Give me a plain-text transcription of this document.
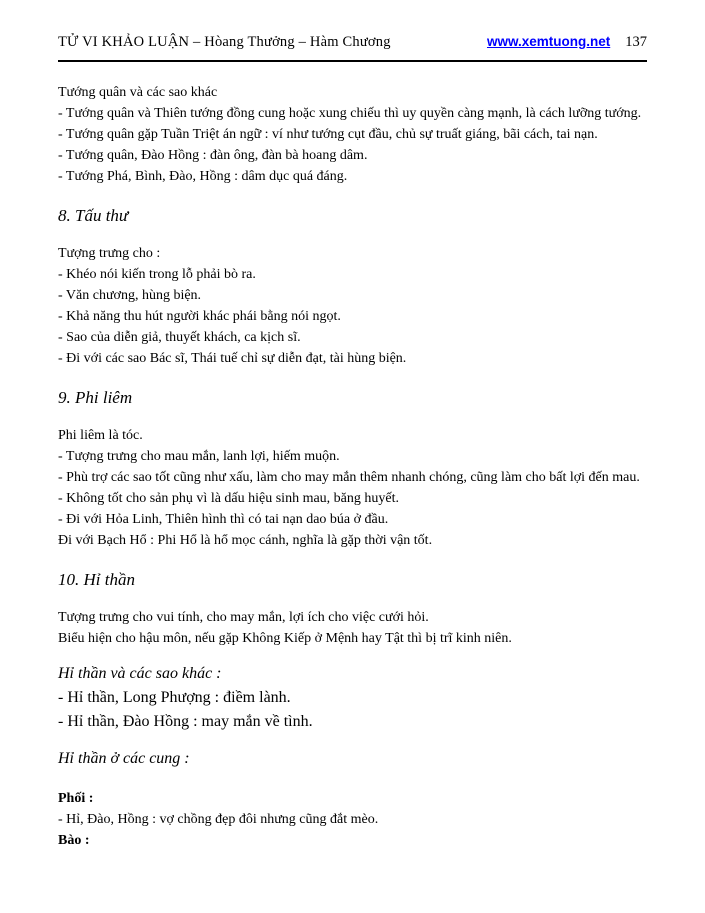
TỬ VI KHẢO LUẬN – Hòang Thưởng – Hàm Chương	www.xemtuong.net 137

Tướng quân và các sao khác

- Tướng quân và Thiên tướng đồng cung hoặc xung chiếu thì uy quyền càng mạnh, là cách lưỡng tướng.

- Tướng quân gặp Tuần Triệt án ngữ : ví như tướng cụt đầu, chủ sự truất giáng, bãi cách, tai nạn.

- Tướng quân, Đào Hồng : đàn ông, đàn bà hoang dâm.

- Tướng Phá, Bình, Đào, Hồng : dâm dục quá đáng.

8. Tấu thư

Tượng trưng cho :

- Khéo nói kiến trong lỗ phải bò ra.

- Văn chương, hùng biện.

- Khả năng thu hút người khác phái bằng nói ngọt.

- Sao của diễn giả, thuyết khách, ca kịch sĩ.

- Đi với các sao Bác sĩ, Thái tuế chỉ sự diễn đạt, tài hùng biện.

9. Phi liêm

Phi liêm là tóc.

- Tượng trưng cho mau mắn, lanh lợi, hiếm muộn.

- Phù trợ các sao tốt cũng như xấu, làm cho may mắn thêm nhanh chóng, cũng làm cho bất lợi đến mau.

- Không tốt cho sản phụ vì là dấu hiệu sinh mau, băng huyết.

- Đi với Hỏa Linh, Thiên hình thì có tai nạn dao búa ở đầu.

Đi với Bạch Hổ : Phi Hổ là hổ mọc cánh, nghĩa là gặp thời vận tốt.

10. Hỉ thần

Tượng trưng cho vui tính, cho may mắn, lợi ích cho việc cưới hỏi.

Biểu hiện cho hậu môn, nếu gặp Không Kiếp ở Mệnh hay Tật thì bị trĩ kinh niên.

Hỉ thần và các sao khác :

- Hỉ thần, Long Phượng : điềm lành.

- Hỉ thần, Đào Hồng : may mắn về tình.

Hỉ thần ở các cung :

Phối :

- Hỉ, Đào, Hồng : vợ chồng đẹp đôi nhưng cũng đắt mèo.

Bào :
